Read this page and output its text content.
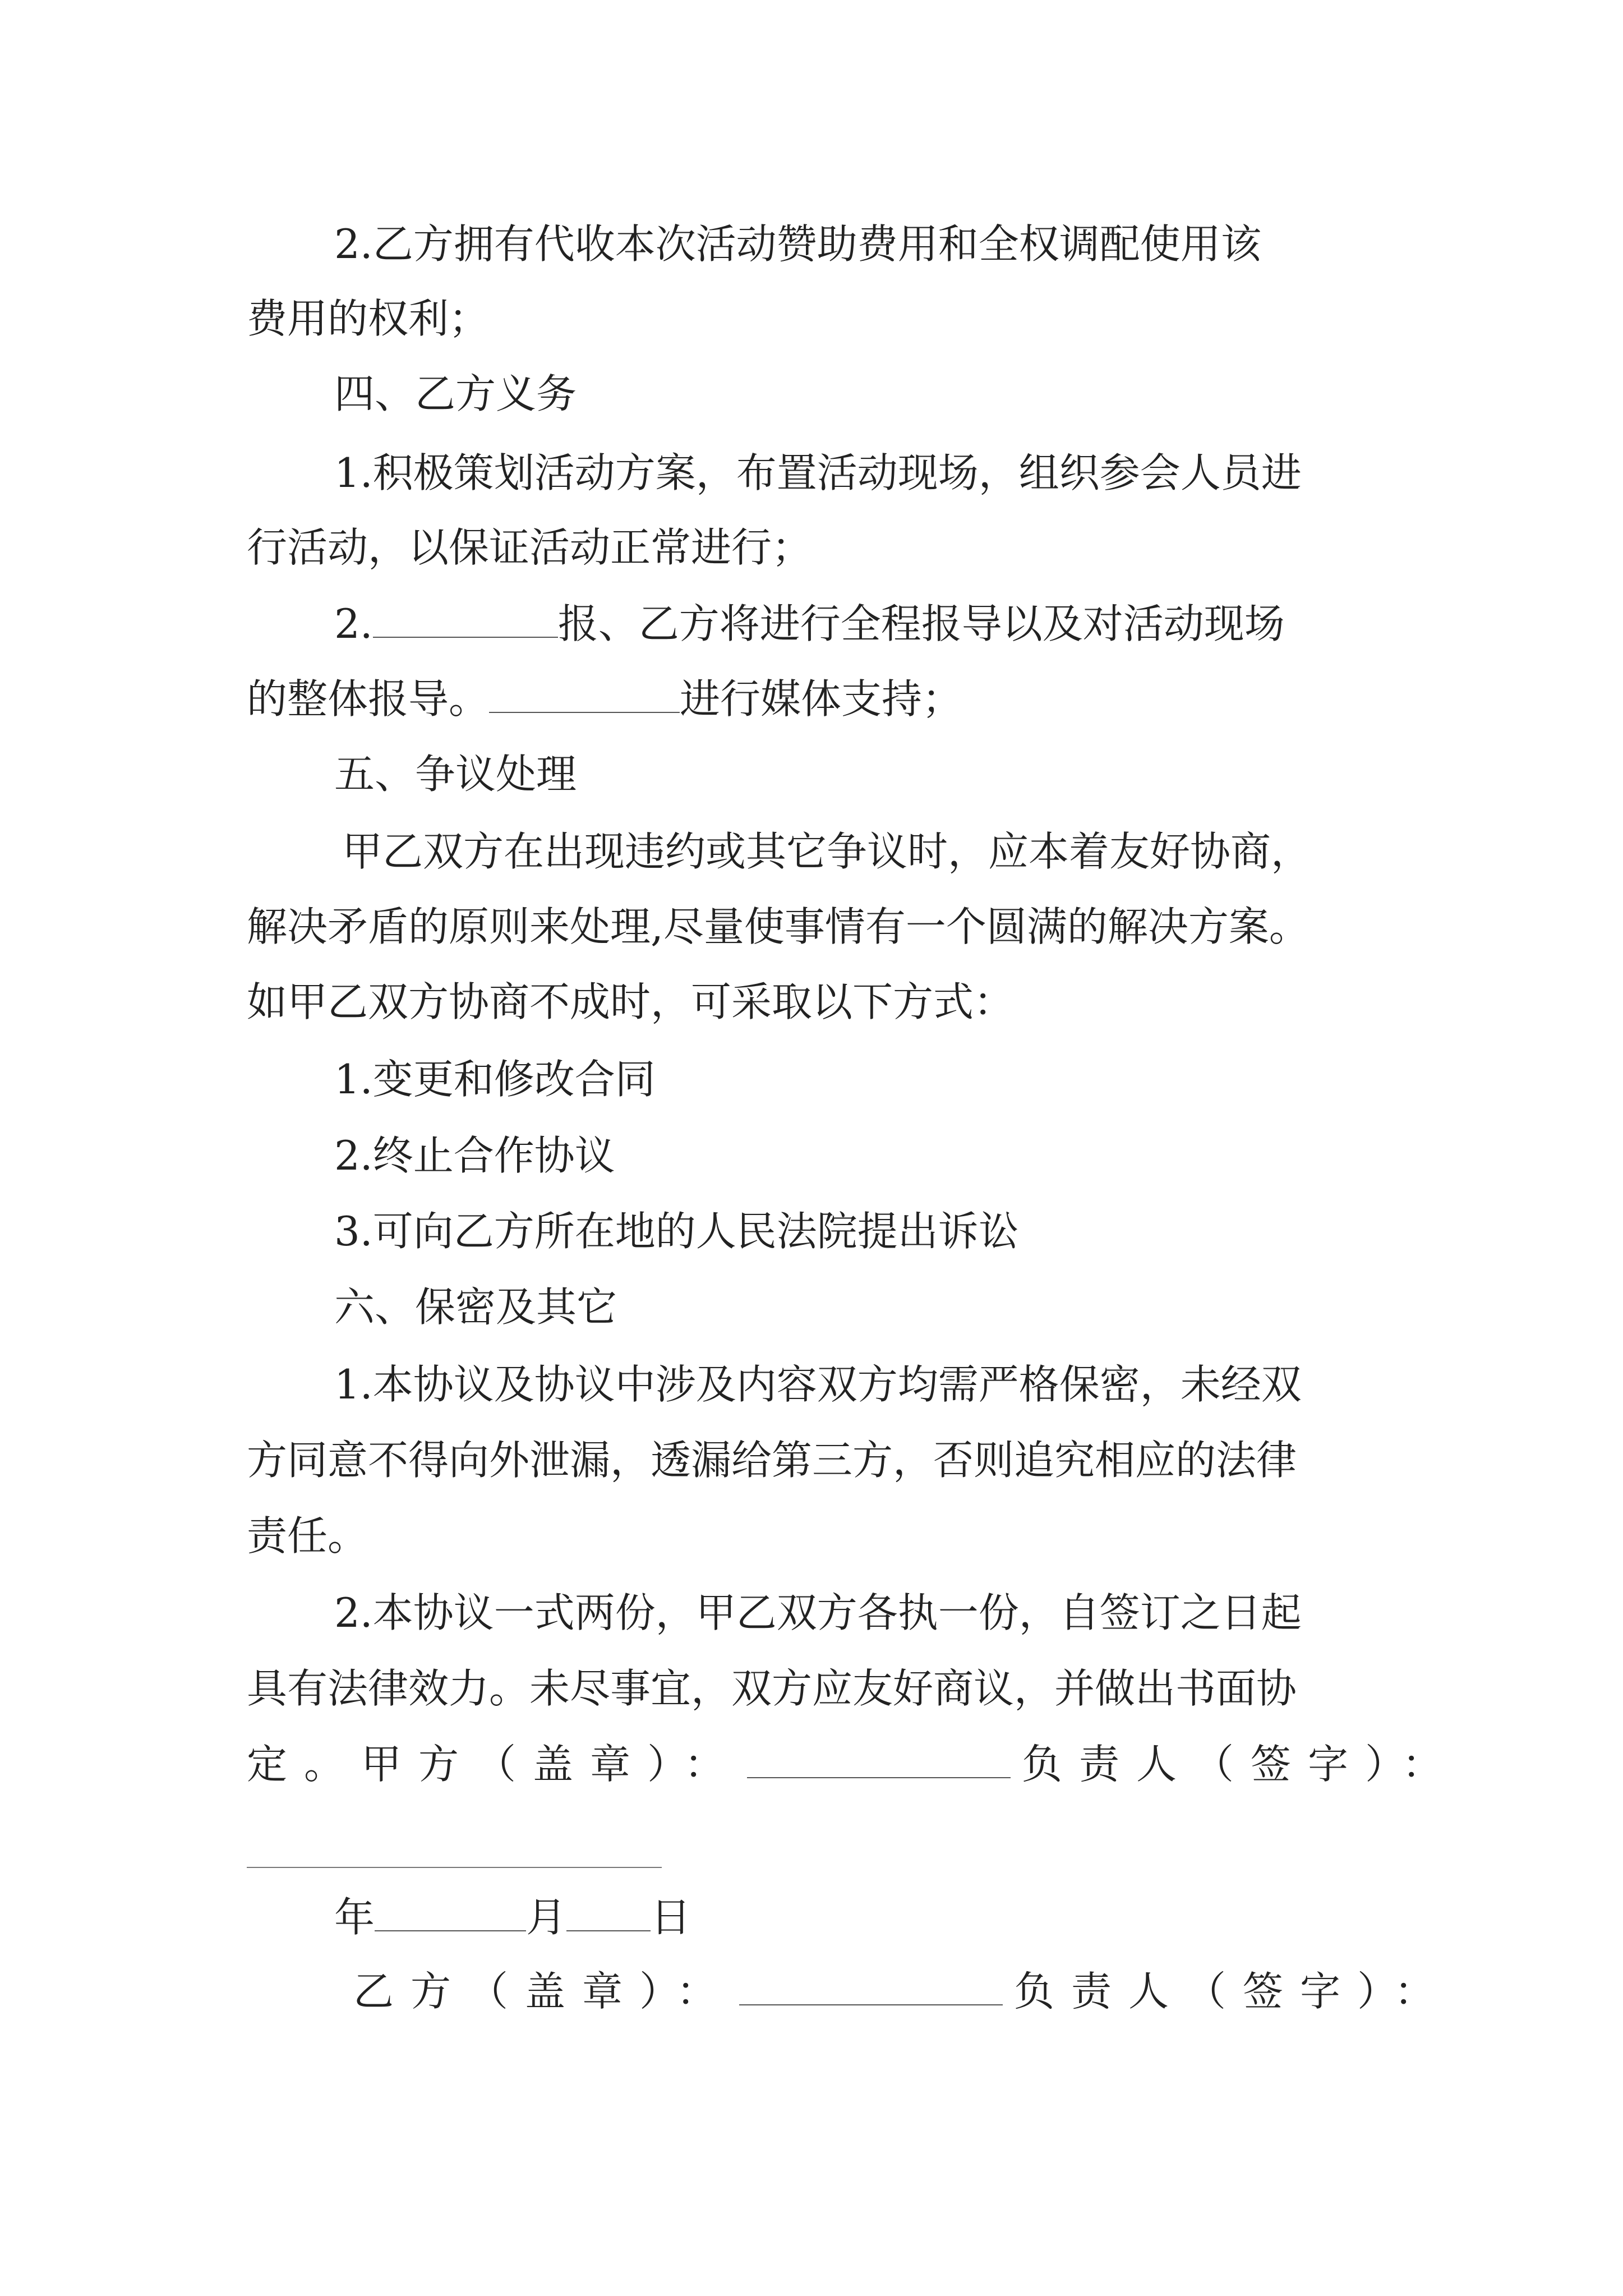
2.乙方拥有代收本次活动赞助费用和全权调配使用该
费用的权利；
四、乙方义务
1.积极策划活动方案，布置活动现场，组织参会人员进
行活动，以保证活动正常进行；
2.	报、乙方将进行全程报导以及对活动现场
的整体报导。	进行媒体支持；
五、争议处理
甲乙双方在出现违约或其它争议时，应本着友好协商，
解决矛盾的原则来处理,尽量使事情有一个圆满的解决方案。
如甲乙双方协商不成时，可采取以下方式：
1.变更和修改合同
2.终止合作协议
3.可向乙方所在地的人民法院提出诉讼
六、保密及其它
1.本协议及协议中涉及内容双方均需严格保密，未经双
方同意不得向外泄漏，透漏给第三方，否则追究相应的法律
责任。
2.本协议一式两份，甲乙双方各执一份，自签订之日起
具有法律效力。未尽事宜，双方应友好商议，并做出书面协
定。甲方（盖章）：	负责人（签字）：
年	月 日
乙方（盖章）：	负责人（签字）：
